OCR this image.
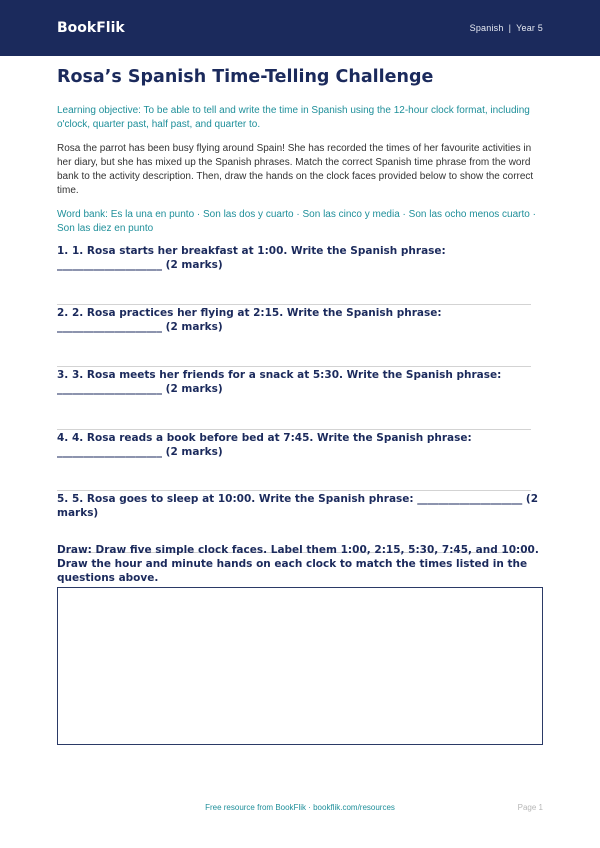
BookFlik	Spanish | Year 5
Rosa’s Spanish Time-Telling Challenge
Learning objective: To be able to tell and write the time in Spanish using the 12-hour clock format, including o'clock, quarter past, half past, and quarter to.
Rosa the parrot has been busy flying around Spain! She has recorded the times of her favourite activities in her diary, but she has mixed up the Spanish phrases. Match the correct Spanish time phrase from the word bank to the activity description. Then, draw the hands on the clock faces provided below to show the correct time.
Word bank: Es la una en punto · Son las dos y cuarto · Son las cinco y media · Son las ocho menos cuarto · Son las diez en punto
1. 1. Rosa starts her breakfast at 1:00. Write the Spanish phrase: ____________________ (2 marks)
2. 2. Rosa practices her flying at 2:15. Write the Spanish phrase: ____________________ (2 marks)
3. 3. Rosa meets her friends for a snack at 5:30. Write the Spanish phrase: ____________________ (2 marks)
4. 4. Rosa reads a book before bed at 7:45. Write the Spanish phrase: ____________________ (2 marks)
5. 5. Rosa goes to sleep at 10:00. Write the Spanish phrase: ____________________ (2 marks)
Draw: Draw five simple clock faces. Label them 1:00, 2:15, 5:30, 7:45, and 10:00. Draw the hour and minute hands on each clock to match the times listed in the questions above.
Free resource from BookFlik · bookflik.com/resources	Page 1
